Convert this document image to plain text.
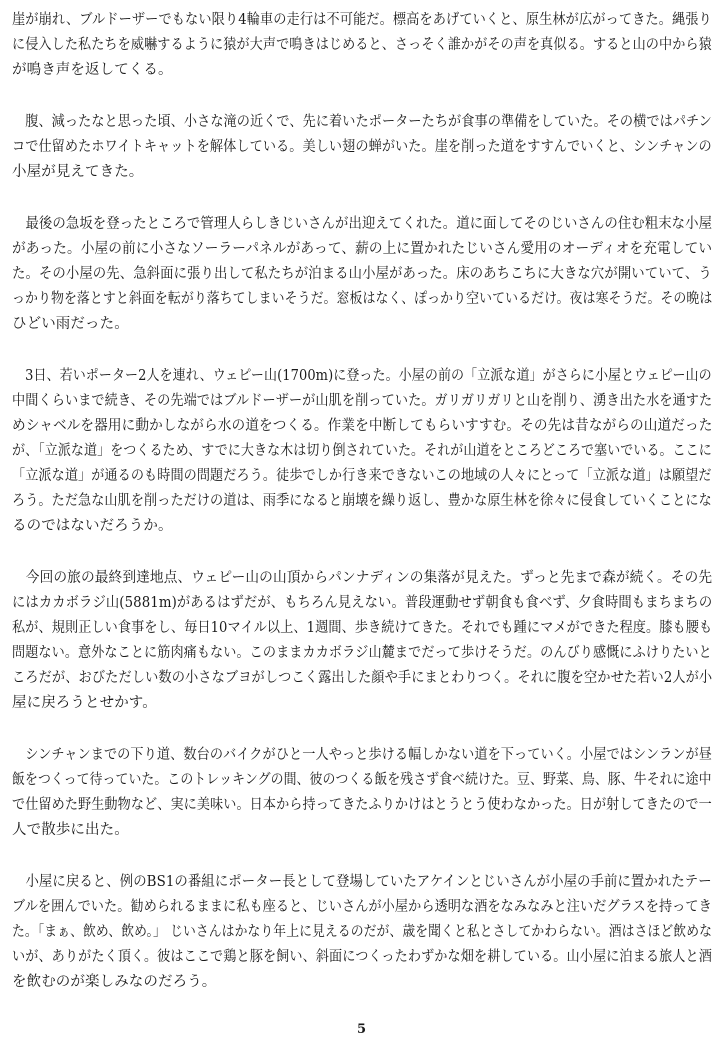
崖が崩れ、ブルドーザーでもない限り4輪車の走行は不可能だ。標高をあげていくと、原生林が広がってきた。縄張り
に侵入した私たちを威嚇するように猿が大声で鳴きはじめると、さっそく誰かがその声を真似る。すると山の中から猿
が鳴き声を返してくる。
　腹、減ったなと思った頃、小さな滝の近くで、先に着いたポーターたちが食事の準備をしていた。その横ではパチン
コで仕留めたホワイトキャットを解体している。美しい翅の蝉がいた。崖を削った道をすすんでいくと、シンチャンの
小屋が見えてきた。
　最後の急坂を登ったところで管理人らしきじいさんが出迎えてくれた。道に面してそのじいさんの住む粗末な小屋
があった。小屋の前に小さなソーラーパネルがあって、薪の上に置かれたじいさん愛用のオーディオを充電してい
た。その小屋の先、急斜面に張り出して私たちが泊まる山小屋があった。床のあちこちに大きな穴が開いていて、う
っかり物を落とすと斜面を転がり落ちてしまいそうだ。窓板はなく、ぽっかり空いているだけ。夜は寒そうだ。その晩は
ひどい雨だった。
　3日、若いポーター2人を連れ、ウェピー山(1700m)に登った。小屋の前の「立派な道」がさらに小屋とウェピー山の
中間くらいまで続き、その先端ではブルドーザーが山肌を削っていた。ガリガリガリと山を削り、湧き出た水を通すた
めシャベルを器用に動かしながら水の道をつくる。作業を中断してもらいすすむ。その先は昔ながらの山道だった
が、「立派な道」をつくるため、すでに大きな木は切り倒されていた。それが山道をところどころで塞いでいる。ここに
「立派な道」が通るのも時間の問題だろう。徒歩でしか行き来できないこの地域の人々にとって「立派な道」は願望だ
ろう。ただ急な山肌を削っただけの道は、雨季になると崩壊を繰り返し、豊かな原生林を徐々に侵食していくことにな
るのではないだろうか。
　今回の旅の最終到達地点、ウェピー山の山頂からパンナディンの集落が見えた。ずっと先まで森が続く。その先
にはカカボラジ山(5881m)があるはずだが、もちろん見えない。普段運動せず朝食も食べず、夕食時間もまちまちの
私が、規則正しい食事をし、毎日10マイル以上、1週間、歩き続けてきた。それでも踵にマメができた程度。膝も腰も
問題ない。意外なことに筋肉痛もない。このままカカボラジ山麓までだって歩けそうだ。のんびり感慨にふけりたいと
ころだが、おびただしい数の小さなブヨがしつこく露出した顔や手にまとわりつく。それに腹を空かせた若い2人が小
屋に戻ろうとせかす。
　シンチャンまでの下り道、数台のバイクがひと一人やっと歩ける幅しかない道を下っていく。小屋ではシンランが昼
飯をつくって待っていた。このトレッキングの間、彼のつくる飯を残さず食べ続けた。豆、野菜、鳥、豚、牛それに途中
で仕留めた野生動物など、実に美味い。日本から持ってきたふりかけはとうとう使わなかった。日が射してきたので一
人で散歩に出た。
　小屋に戻ると、例のBS1の番組にポーター長として登場していたアケインとじいさんが小屋の手前に置かれたテー
ブルを囲んでいた。勧められるままに私も座ると、じいさんが小屋から透明な酒をなみなみと注いだグラスを持ってき
た。「まぁ、飲め、飲め。」 じいさんはかなり年上に見えるのだが、歳を聞くと私とさしてかわらない。酒はさほど飲めな
いが、ありがたく頂く。彼はここで鶏と豚を飼い、斜面につくったわずかな畑を耕している。山小屋に泊まる旅人と酒
を飲むのが楽しみなのだろう。
5
